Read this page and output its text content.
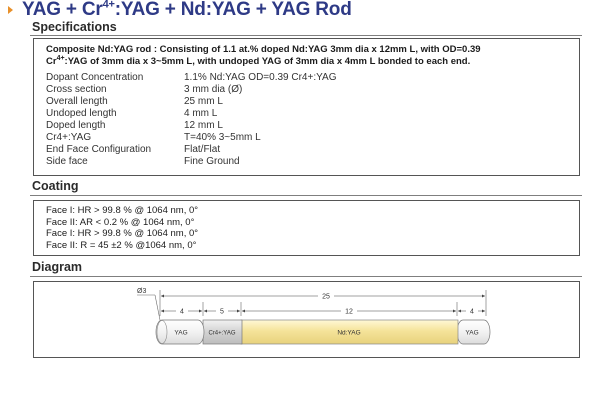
YAG + $Cr^{4+}:YAG$ + Nd:YAG + YAG Rod
Specifications
Composite Nd:YAG rod : Consisting of 1.1 at.% doped Nd:YAG 3mm dia x 12mm L, with OD=0.39
$Cr^{4+}:YAG$ of 3mm dia x 3~5mm L, with undoped YAG of 3mm dia x 4mm L bonded to each end.
Dopant Concentration	1.1% Nd:YAG OD=0.39 Cr4+:YAG
Cross section	3 mm dia (Ø)
Overall length	25 mm L
Undoped length	4 mm L
Doped length	12 mm L
Cr4+:YAG	T=40% 3~5mm L
End Face Configuration	Flat/Flat
Side face	Fine Ground
Coating
Face I: HR > 99.8 % @ 1064 nm, 0°
Face II: AR < 0.2 % @ 1064 nm, 0°
Face I: HR > 99.8 % @ 1064 nm, 0°
Face II: R = 45 ±2 % @1064 nm, 0°
Diagram
Ø3
25
4	5	12	4
YAG	Cr4+:YAG	Nd:YAG	YAG
